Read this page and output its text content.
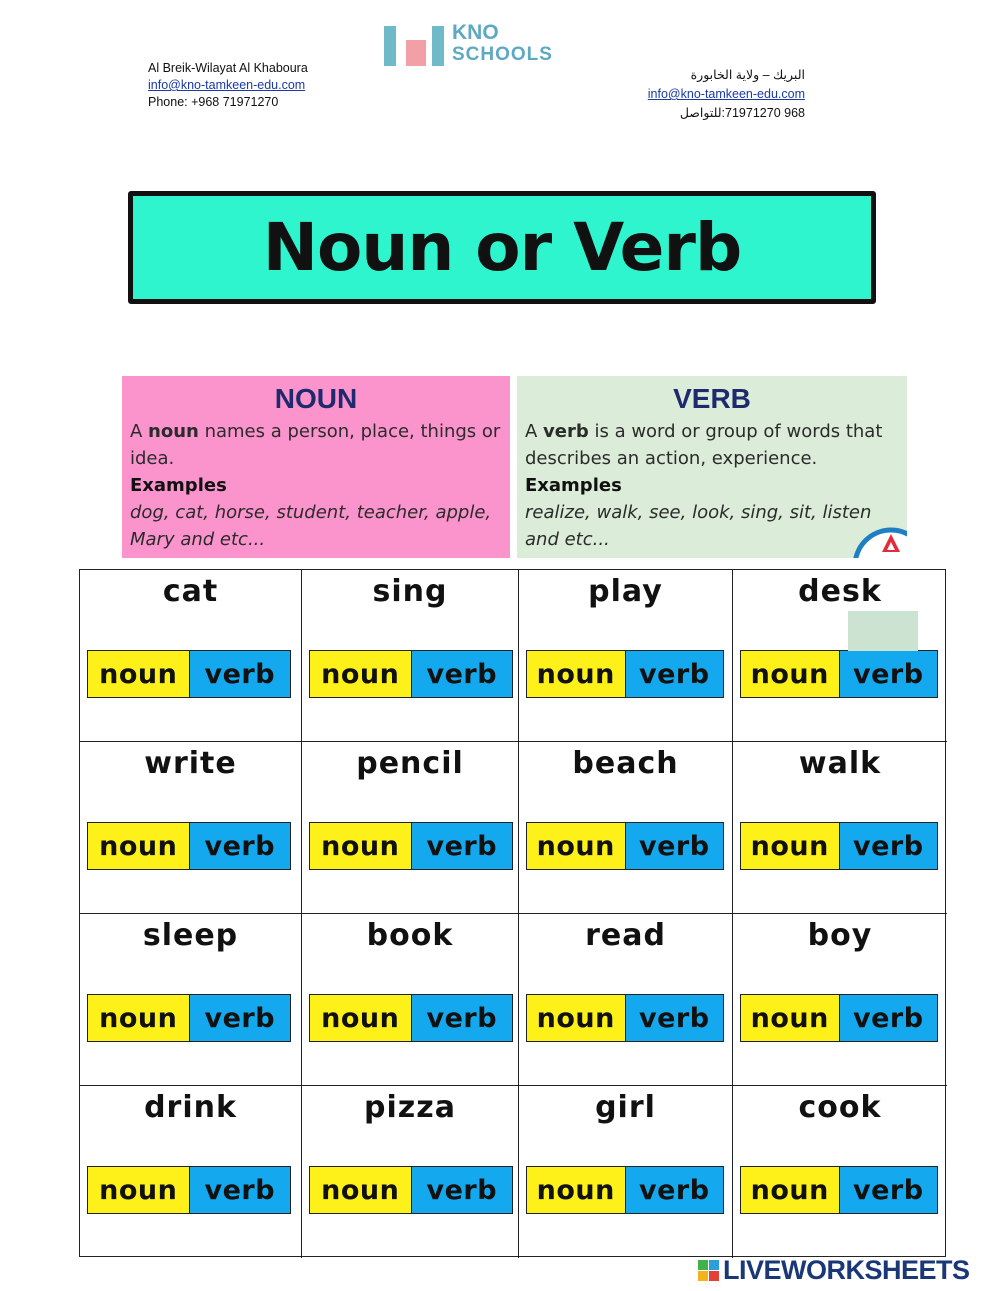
KNO
SCHOOLS
Al Breik-Wilayat Al Khaboura
info@kno-tamkeen-edu.com
Phone: +968 71971270
البريك – ولاية الخابورة
info@kno-tamkeen-edu.com
968 71971270:للتواصل
Noun or Verb
NOUN
A noun names a person, place, things or idea.
Examples
dog, cat, horse, student, teacher, apple, Mary and etc...
VERB
A verb is a word or group of words that describes an action, experience.
Examples
realize, walk, see, look, sing, sit, listen and etc...
cat
noun	verb
sing
noun	verb
play
noun verb
desk
noun verb
write
noun	verb
pencil
noun	verb
beach
noun verb
walk
noun verb
sleep
noun	verb
book
noun	verb
read
noun verb
boy
noun verb
drink
noun	verb
pizza
noun	verb
girl
noun verb
cook
noun verb
LIVEWORKSHEETS
